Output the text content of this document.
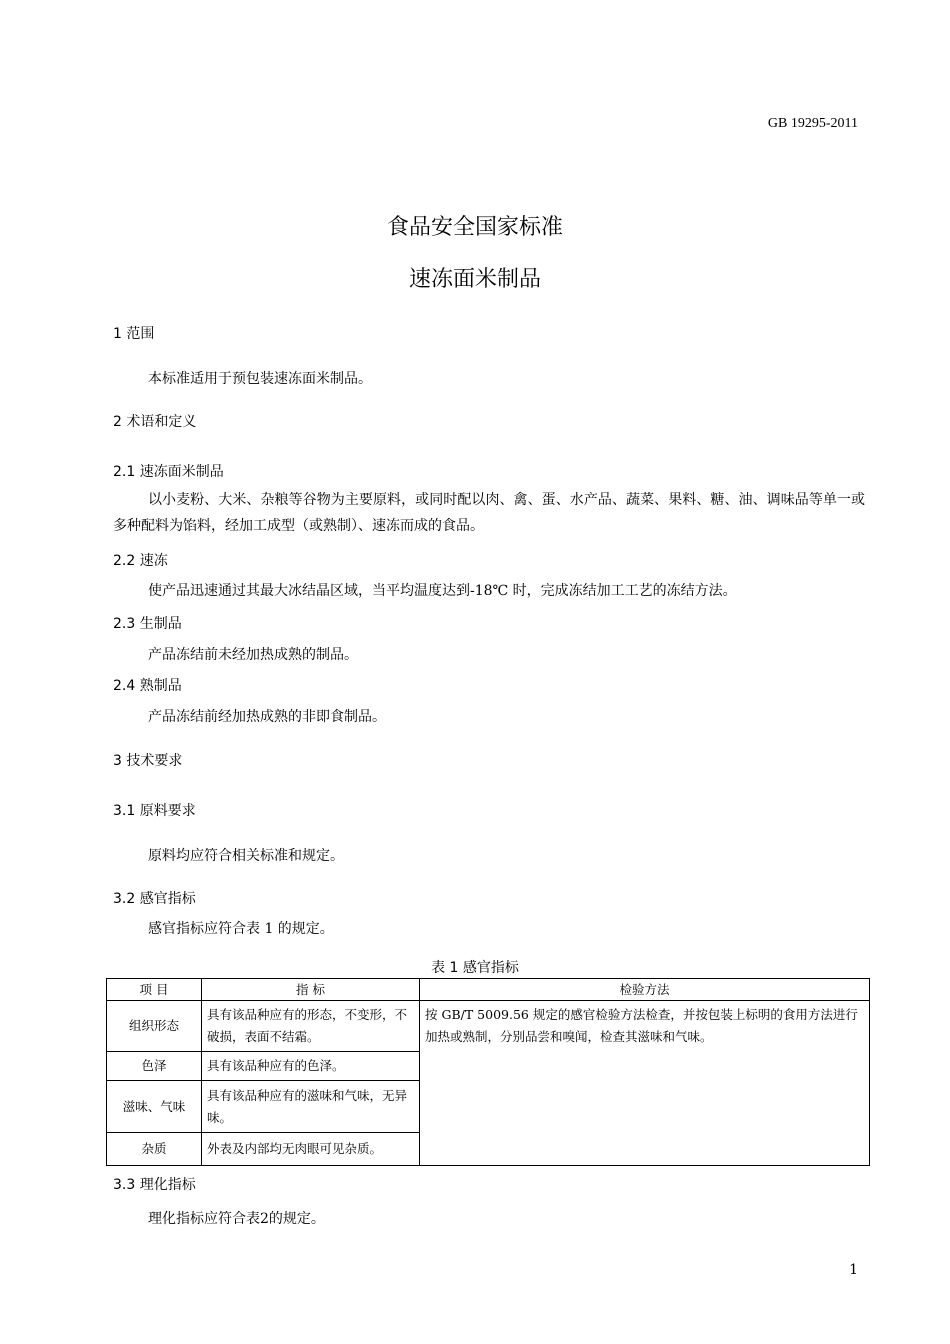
GB 19295-2011
食品安全国家标准
速冻面米制品
1 范围
本标准适用于预包装速冻面米制品。
2 术语和定义
2.1 速冻面米制品
以小麦粉、大米、杂粮等谷物为主要原料，或同时配以肉、禽、蛋、水产品、蔬菜、果料、糖、油、调味品等单一或多种配料为馅料，经加工成型（或熟制）、速冻而成的食品。
2.2 速冻
使产品迅速通过其最大冰结晶区域，当平均温度达到-18℃ 时，完成冻结加工工艺的冻结方法。
2.3 生制品
产品冻结前未经加热成熟的制品。
2.4 熟制品
产品冻结前经加热成熟的非即食制品。
3 技术要求
3.1 原料要求
原料均应符合相关标准和规定。
3.2 感官指标
感官指标应符合表 1 的规定。
表 1 感官指标
项 目	指 标	检验方法
组织形态	具有该品种应有的形态，不变形，不破损，表面不结霜。	按 GB/T 5009.56 规定的感官检验方法检查，并按包装上标明的食用方法进行加热或熟制，分别品尝和嗅闻，检查其滋味和气味。
色泽	具有该品种应有的色泽。	
滋味、气味	具有该品种应有的滋味和气味，无异味。	
杂质	外表及内部均无肉眼可见杂质。	
3.3 理化指标
理化指标应符合表2的规定。
1
